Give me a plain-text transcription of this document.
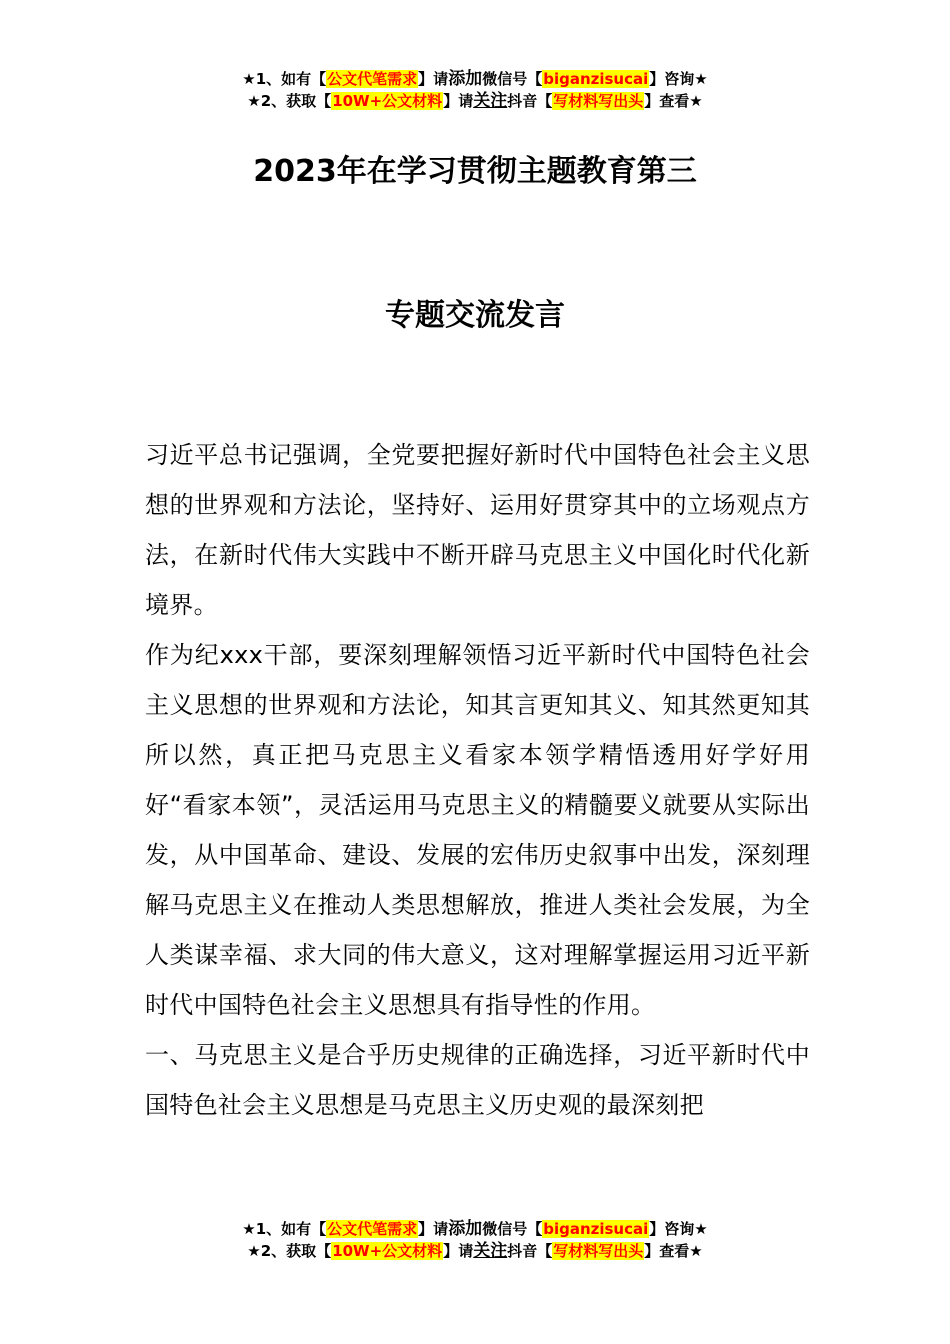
★1、如有【公文代笔需求】请添加微信号【biganzisucai】咨询★
★2、获取【10W+公文材料】请关注抖音【写材料写出头】查看★
2023年在学习贯彻主题教育第三
专题交流发言

习近平总书记强调，全党要把握好新时代中国特色社会主义思想的世界观和方法论，坚持好、运用好贯穿其中的立场观点方法，在新时代伟大实践中不断开辟马克思主义中国化时代化新境界。

作为纪xxx干部，要深刻理解领悟习近平新时代中国特色社会主义思想的世界观和方法论，知其言更知其义、知其然更知其所以然，真正把马克思主义看家本领学精悟透用好学好用好“看家本领”，灵活运用马克思主义的精髓要义就要从实际出发，从中国革命、建设、发展的宏伟历史叙事中出发，深刻理解马克思主义在推动人类思想解放，推进人类社会发展，为全人类谋幸福、求大同的伟大意义，这对理解掌握运用习近平新时代中国特色社会主义思想具有指导性的作用。

一、马克思主义是合乎历史规律的正确选择，习近平新时代中国特色社会主义思想是马克思主义历史观的最深刻把

★1、如有【公文代笔需求】请添加微信号【biganzisucai】咨询★
★2、获取【10W+公文材料】请关注抖音【写材料写出头】查看★
